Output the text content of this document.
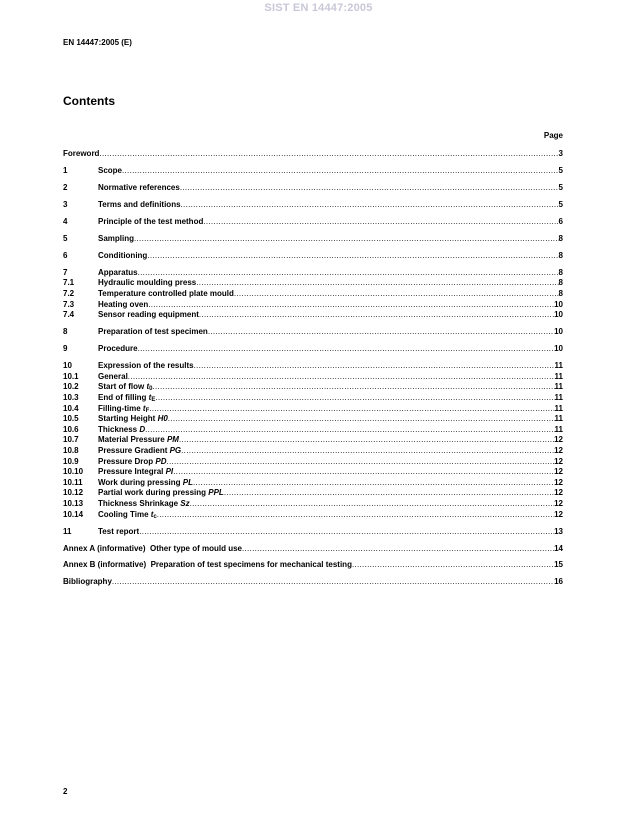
SIST EN 14447:2005
EN 14447:2005 (E)
Contents
Page
Foreword .....	3
1	Scope .....	5
2	Normative references .....	5
3	Terms and definitions .....	5
4	Principle of the test method .....	6
5	Sampling .....	8
6	Conditioning .....	8
7	Apparatus .....	8
7.1	Hydraulic moulding press .....	8
7.2	Temperature controlled plate mould .....	8
7.3	Heating oven .....	10
7.4	Sensor reading equipment .....	10
8	Preparation of test specimen .....	10
9	Procedure .....	10
10	Expression of the results .....	11
10.1	General .....	11
10.2	Start of flow $t_0$ .....	11
10.3	End of filling $t_E$ .....	11
10.4	Filling-time $t_F$ .....	11
10.5	Starting Height H0 .....	11
10.6	Thickness D .....	11
10.7	Material Pressure PM .....	12
10.8	Pressure Gradient PG .....	12
10.9	Pressure Drop PD .....	12
10.10	Pressure Integral PI .....	12
10.11	Work during pressing PL .....	12
10.12	Partial work during pressing PPL .....	12
10.13	Thickness Shrinkage Sz .....	12
10.14	Cooling Time $t_c$ .....	12
11	Test report .....	13
Annex A (informative)  Other type of mould use .....	14
Annex B (informative)  Preparation of test specimens for mechanical testing .....	15
Bibliography .....	16
2
